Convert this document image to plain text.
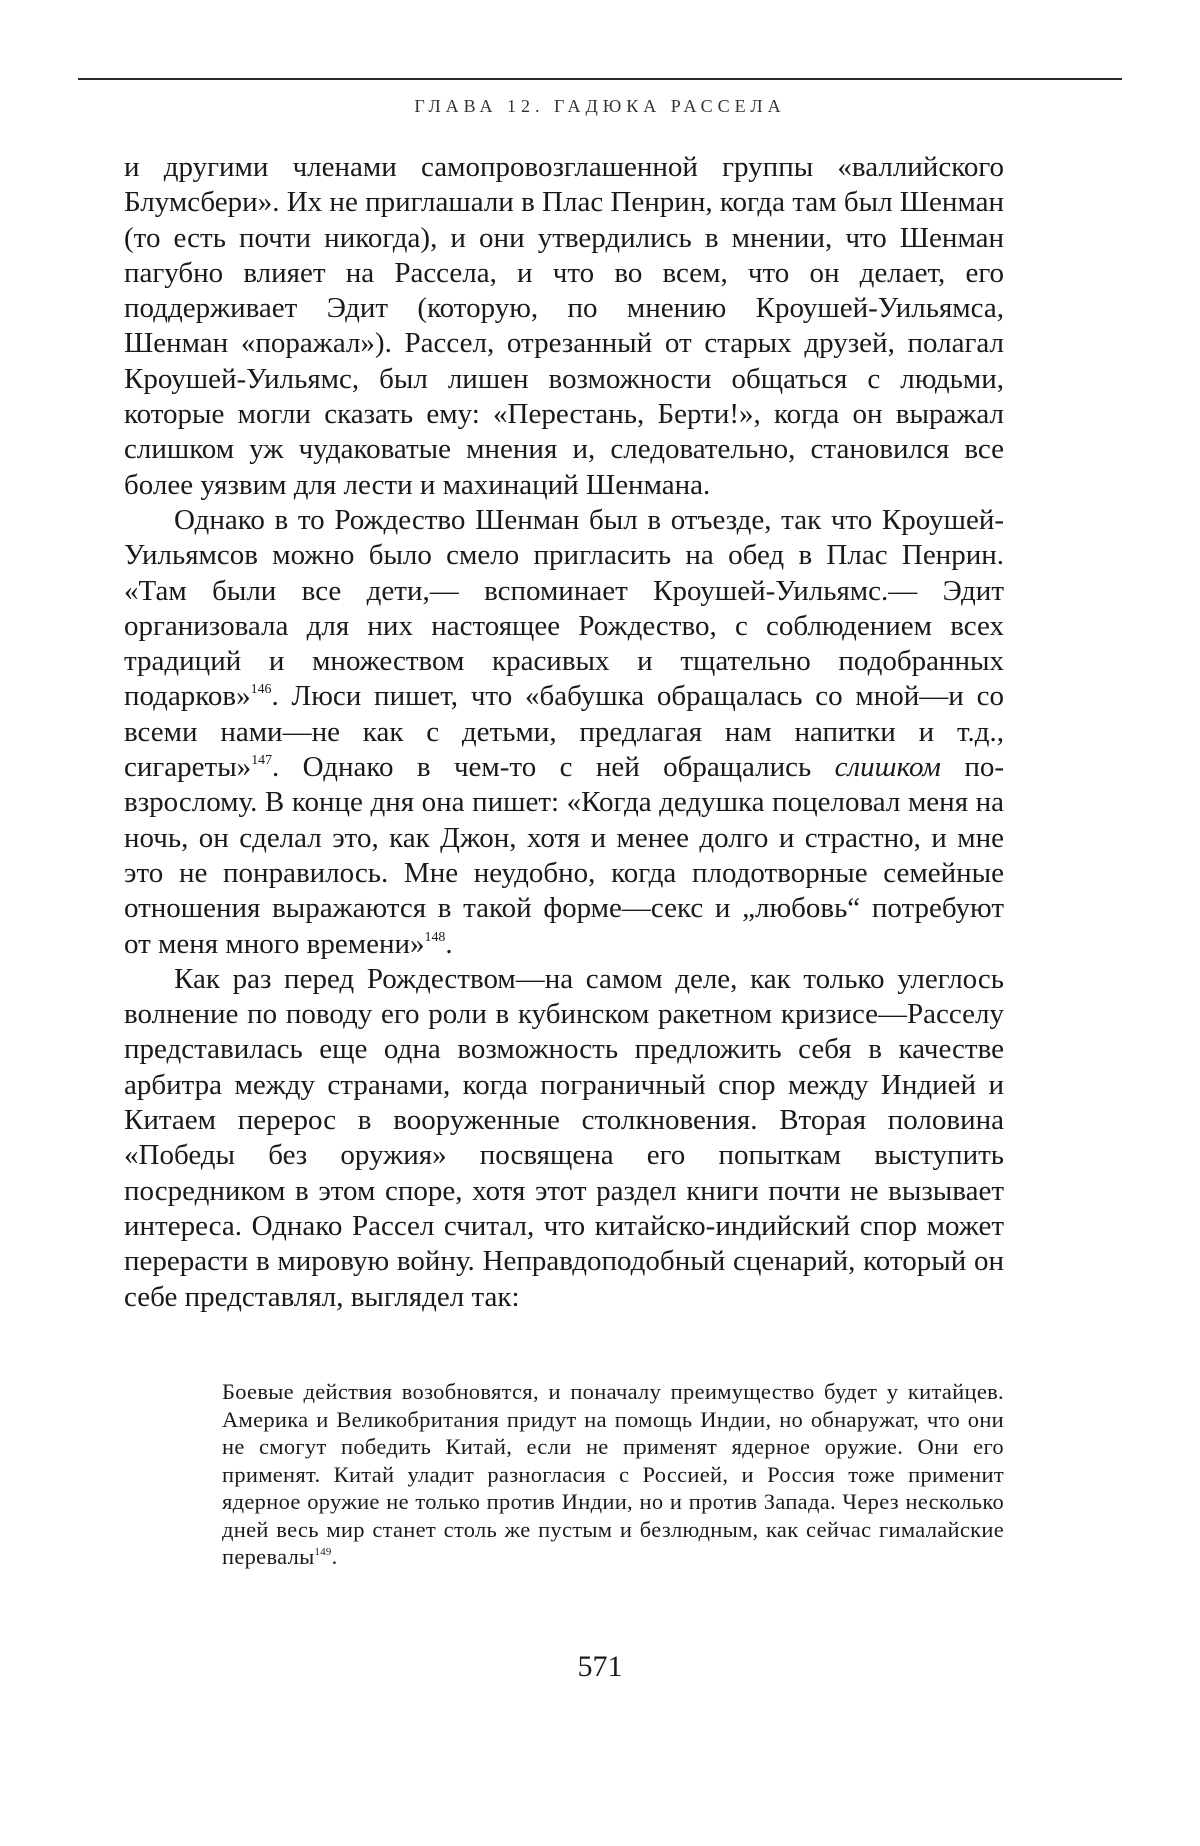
ГЛАВА 12. ГАДЮКА РАССЕЛА

и другими членами самопровозглашенной группы «валлийского Блумсбери». Их не приглашали в Плас Пенрин, когда там был Шенман (то есть почти никогда), и они утвердились в мнении, что Шенман пагубно влияет на Рассела, и что во всем, что он делает, его поддерживает Эдит (которую, по мнению Кроушей-Уильямса, Шенман «поражал»). Рассел, отрезанный от старых друзей, полагал Кроушей-Уильямс, был лишен возможности общаться с людьми, которые могли сказать ему: «Перестань, Берти!», когда он выражал слишком уж чудаковатые мнения и, следовательно, становился все более уязвим для лести и махинаций Шенмана.

Однако в то Рождество Шенман был в отъезде, так что Кроушей-Уильямсов можно было смело пригласить на обед в Плас Пенрин. «Там были все дети,— вспоминает Кроушей-Уильямс.— Эдит организовала для них настоящее Рождество, с соблюдением всех традиций и множеством красивых и тщательно подобранных подарков»$^{146}$. Люси пишет, что «бабушка обращалась со мной—и со всеми нами—не как с детьми, предлагая нам напитки и т.д., сигареты»$^{147}$. Однако в чем-то с ней обращались слишком по-взрослому. В конце дня она пишет: «Когда дедушка поцеловал меня на ночь, он сделал это, как Джон, хотя и менее долго и страстно, и мне это не понравилось. Мне неудобно, когда плодотворные семейные отношения выражаются в такой форме—секс и „любовь“ потребуют от меня много времени»$^{148}$.

Как раз перед Рождеством—на самом деле, как только улеглось волнение по поводу его роли в кубинском ракетном кризисе—Расселу представилась еще одна возможность предложить себя в качестве арбитра между странами, когда пограничный спор между Индией и Китаем перерос в вооруженные столкновения. Вторая половина «Победы без оружия» посвящена его попыткам выступить посредником в этом споре, хотя этот раздел книги почти не вызывает интереса. Однако Рассел считал, что китайско-индийский спор может перерасти в мировую войну. Неправдоподобный сценарий, который он себе представлял, выглядел так:

Боевые действия возобновятся, и поначалу преимущество будет у китайцев. Америка и Великобритания придут на помощь Индии, но обнаружат, что они не смогут победить Китай, если не применят ядерное оружие. Они его применят. Китай уладит разногласия с Россией, и Россия тоже применит ядерное оружие не только против Индии, но и против Запада. Через несколько дней весь мир станет столь же пустым и безлюдным, как сейчас гималайские перевалы$^{149}$.

571
